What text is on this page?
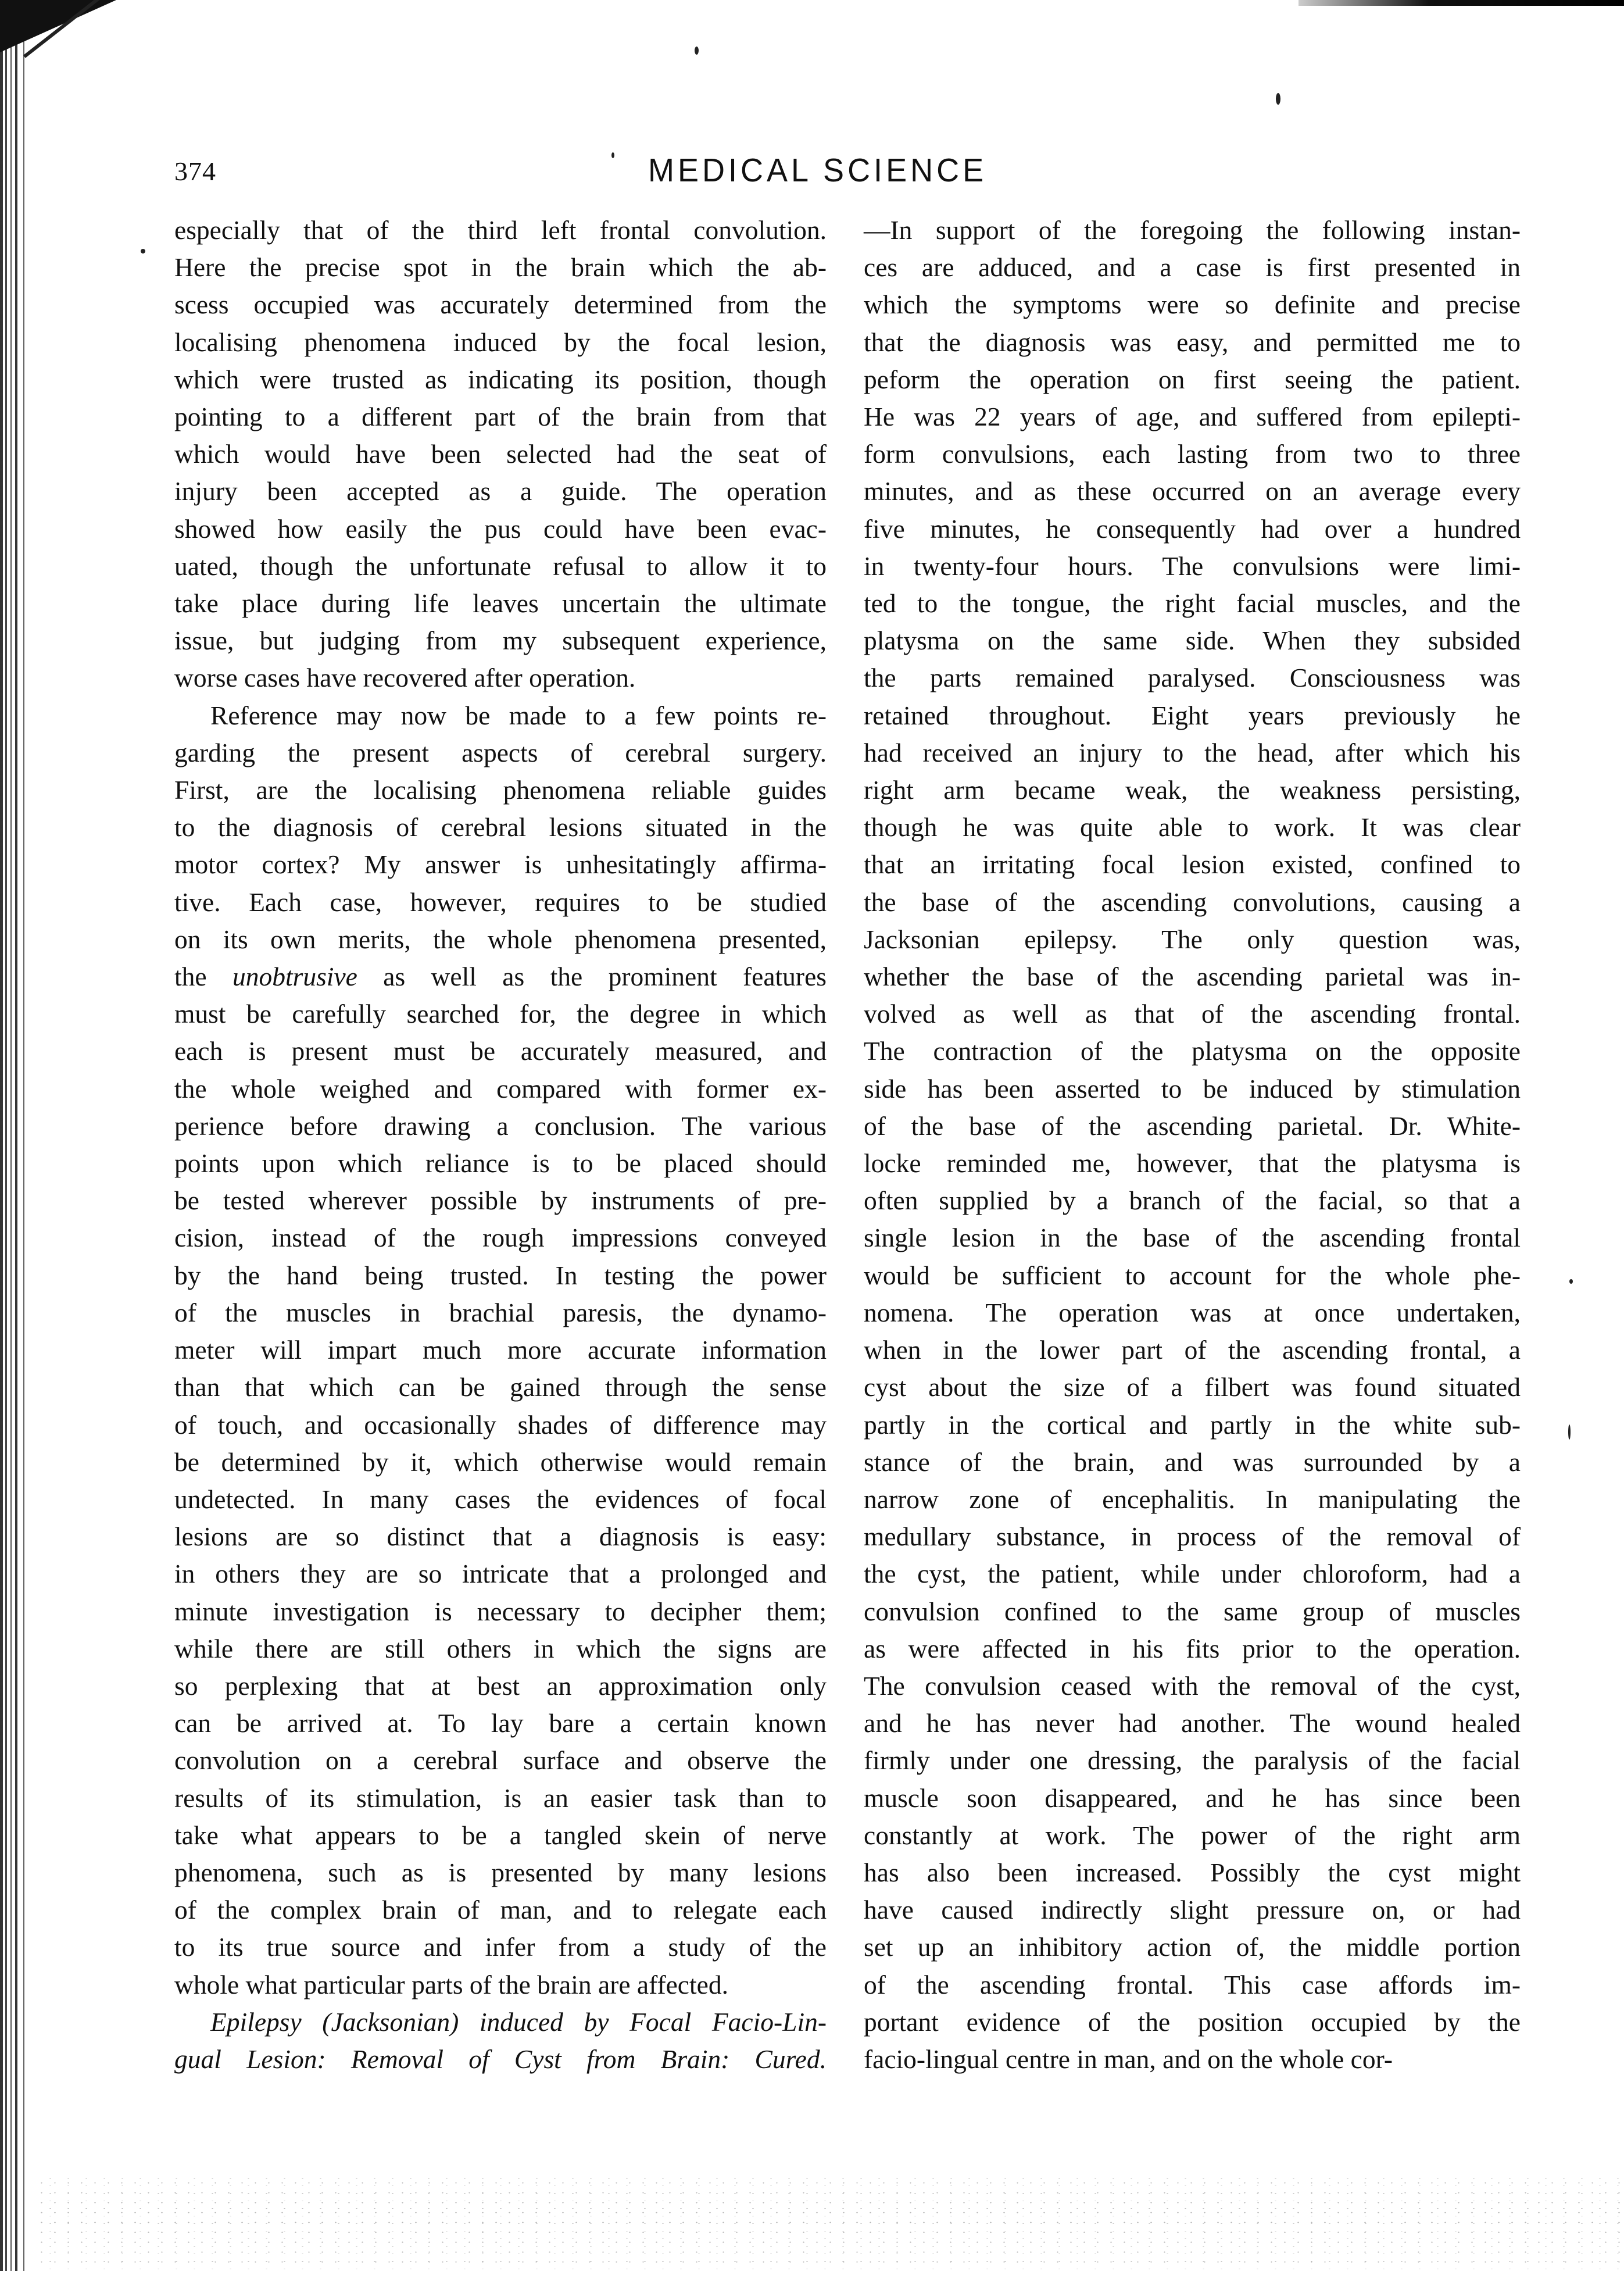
374	MEDICAL SCIENCE

especially that of the third left frontal convolution.
Here the precise spot in the brain which the ab-
scess occupied was accurately determined from the
localising phenomena induced by the focal lesion,
which were trusted as indicating its position, though
pointing to a different part of the brain from that
which would have been selected had the seat of
injury been accepted as a guide. The operation
showed how easily the pus could have been evac-
uated, though the unfortunate refusal to allow it to
take place during life leaves uncertain the ultimate
issue, but judging from my subsequent experience,
worse cases have recovered after operation.

Reference may now be made to a few points re-
garding the present aspects of cerebral surgery.
First, are the localising phenomena reliable guides
to the diagnosis of cerebral lesions situated in the
motor cortex? My answer is unhesitatingly affirma-
tive. Each case, however, requires to be studied
on its own merits, the whole phenomena presented,
the unobtrusive as well as the prominent features
must be carefully searched for, the degree in which
each is present must be accurately measured, and
the whole weighed and compared with former ex-
perience before drawing a conclusion. The various
points upon which reliance is to be placed should
be tested wherever possible by instruments of pre-
cision, instead of the rough impressions conveyed
by the hand being trusted. In testing the power
of the muscles in brachial paresis, the dynamo-
meter will impart much more accurate information
than that which can be gained through the sense
of touch, and occasionally shades of difference may
be determined by it, which otherwise would remain
undetected. In many cases the evidences of focal
lesions are so distinct that a diagnosis is easy:
in others they are so intricate that a prolonged and
minute investigation is necessary to decipher them;
while there are still others in which the signs are
so perplexing that at best an approximation only
can be arrived at. To lay bare a certain known
convolution on a cerebral surface and observe the
results of its stimulation, is an easier task than to
take what appears to be a tangled skein of nerve
phenomena, such as is presented by many lesions
of the complex brain of man, and to relegate each
to its true source and infer from a study of the
whole what particular parts of the brain are affected.

Epilepsy (Jacksonian) induced by Focal Facio-Lin-
gual Lesion: Removal of Cyst from Brain: Cured.

—In support of the foregoing the following instan-
ces are adduced, and a case is first presented in
which the symptoms were so definite and precise
that the diagnosis was easy, and permitted me to
peform the operation on first seeing the patient.
He was 22 years of age, and suffered from epilepti-
form convulsions, each lasting from two to three
minutes, and as these occurred on an average every
five minutes, he consequently had over a hundred
in twenty-four hours. The convulsions were limi-
ted to the tongue, the right facial muscles, and the
platysma on the same side. When they subsided
the parts remained paralysed. Consciousness was
retained throughout. Eight years previously he
had received an injury to the head, after which his
right arm became weak, the weakness persisting,
though he was quite able to work. It was clear
that an irritating focal lesion existed, confined to
the base of the ascending convolutions, causing a
Jacksonian epilepsy. The only question was,
whether the base of the ascending parietal was in-
volved as well as that of the ascending frontal.
The contraction of the platysma on the opposite
side has been asserted to be induced by stimulation
of the base of the ascending parietal. Dr. White-
locke reminded me, however, that the platysma is
often supplied by a branch of the facial, so that a
single lesion in the base of the ascending frontal
would be sufficient to account for the whole phe-
nomena. The operation was at once undertaken,
when in the lower part of the ascending frontal, a
cyst about the size of a filbert was found situated
partly in the cortical and partly in the white sub-
stance of the brain, and was surrounded by a
narrow zone of encephalitis. In manipulating the
medullary substance, in process of the removal of
the cyst, the patient, while under chloroform, had a
convulsion confined to the same group of muscles
as were affected in his fits prior to the operation.
The convulsion ceased with the removal of the cyst,
and he has never had another. The wound healed
firmly under one dressing, the paralysis of the facial
muscle soon disappeared, and he has since been
constantly at work. The power of the right arm
has also been increased. Possibly the cyst might
have caused indirectly slight pressure on, or had
set up an inhibitory action of, the middle portion
of the ascending frontal. This case affords im-
portant evidence of the position occupied by the
facio-lingual centre in man, and on the whole cor-
